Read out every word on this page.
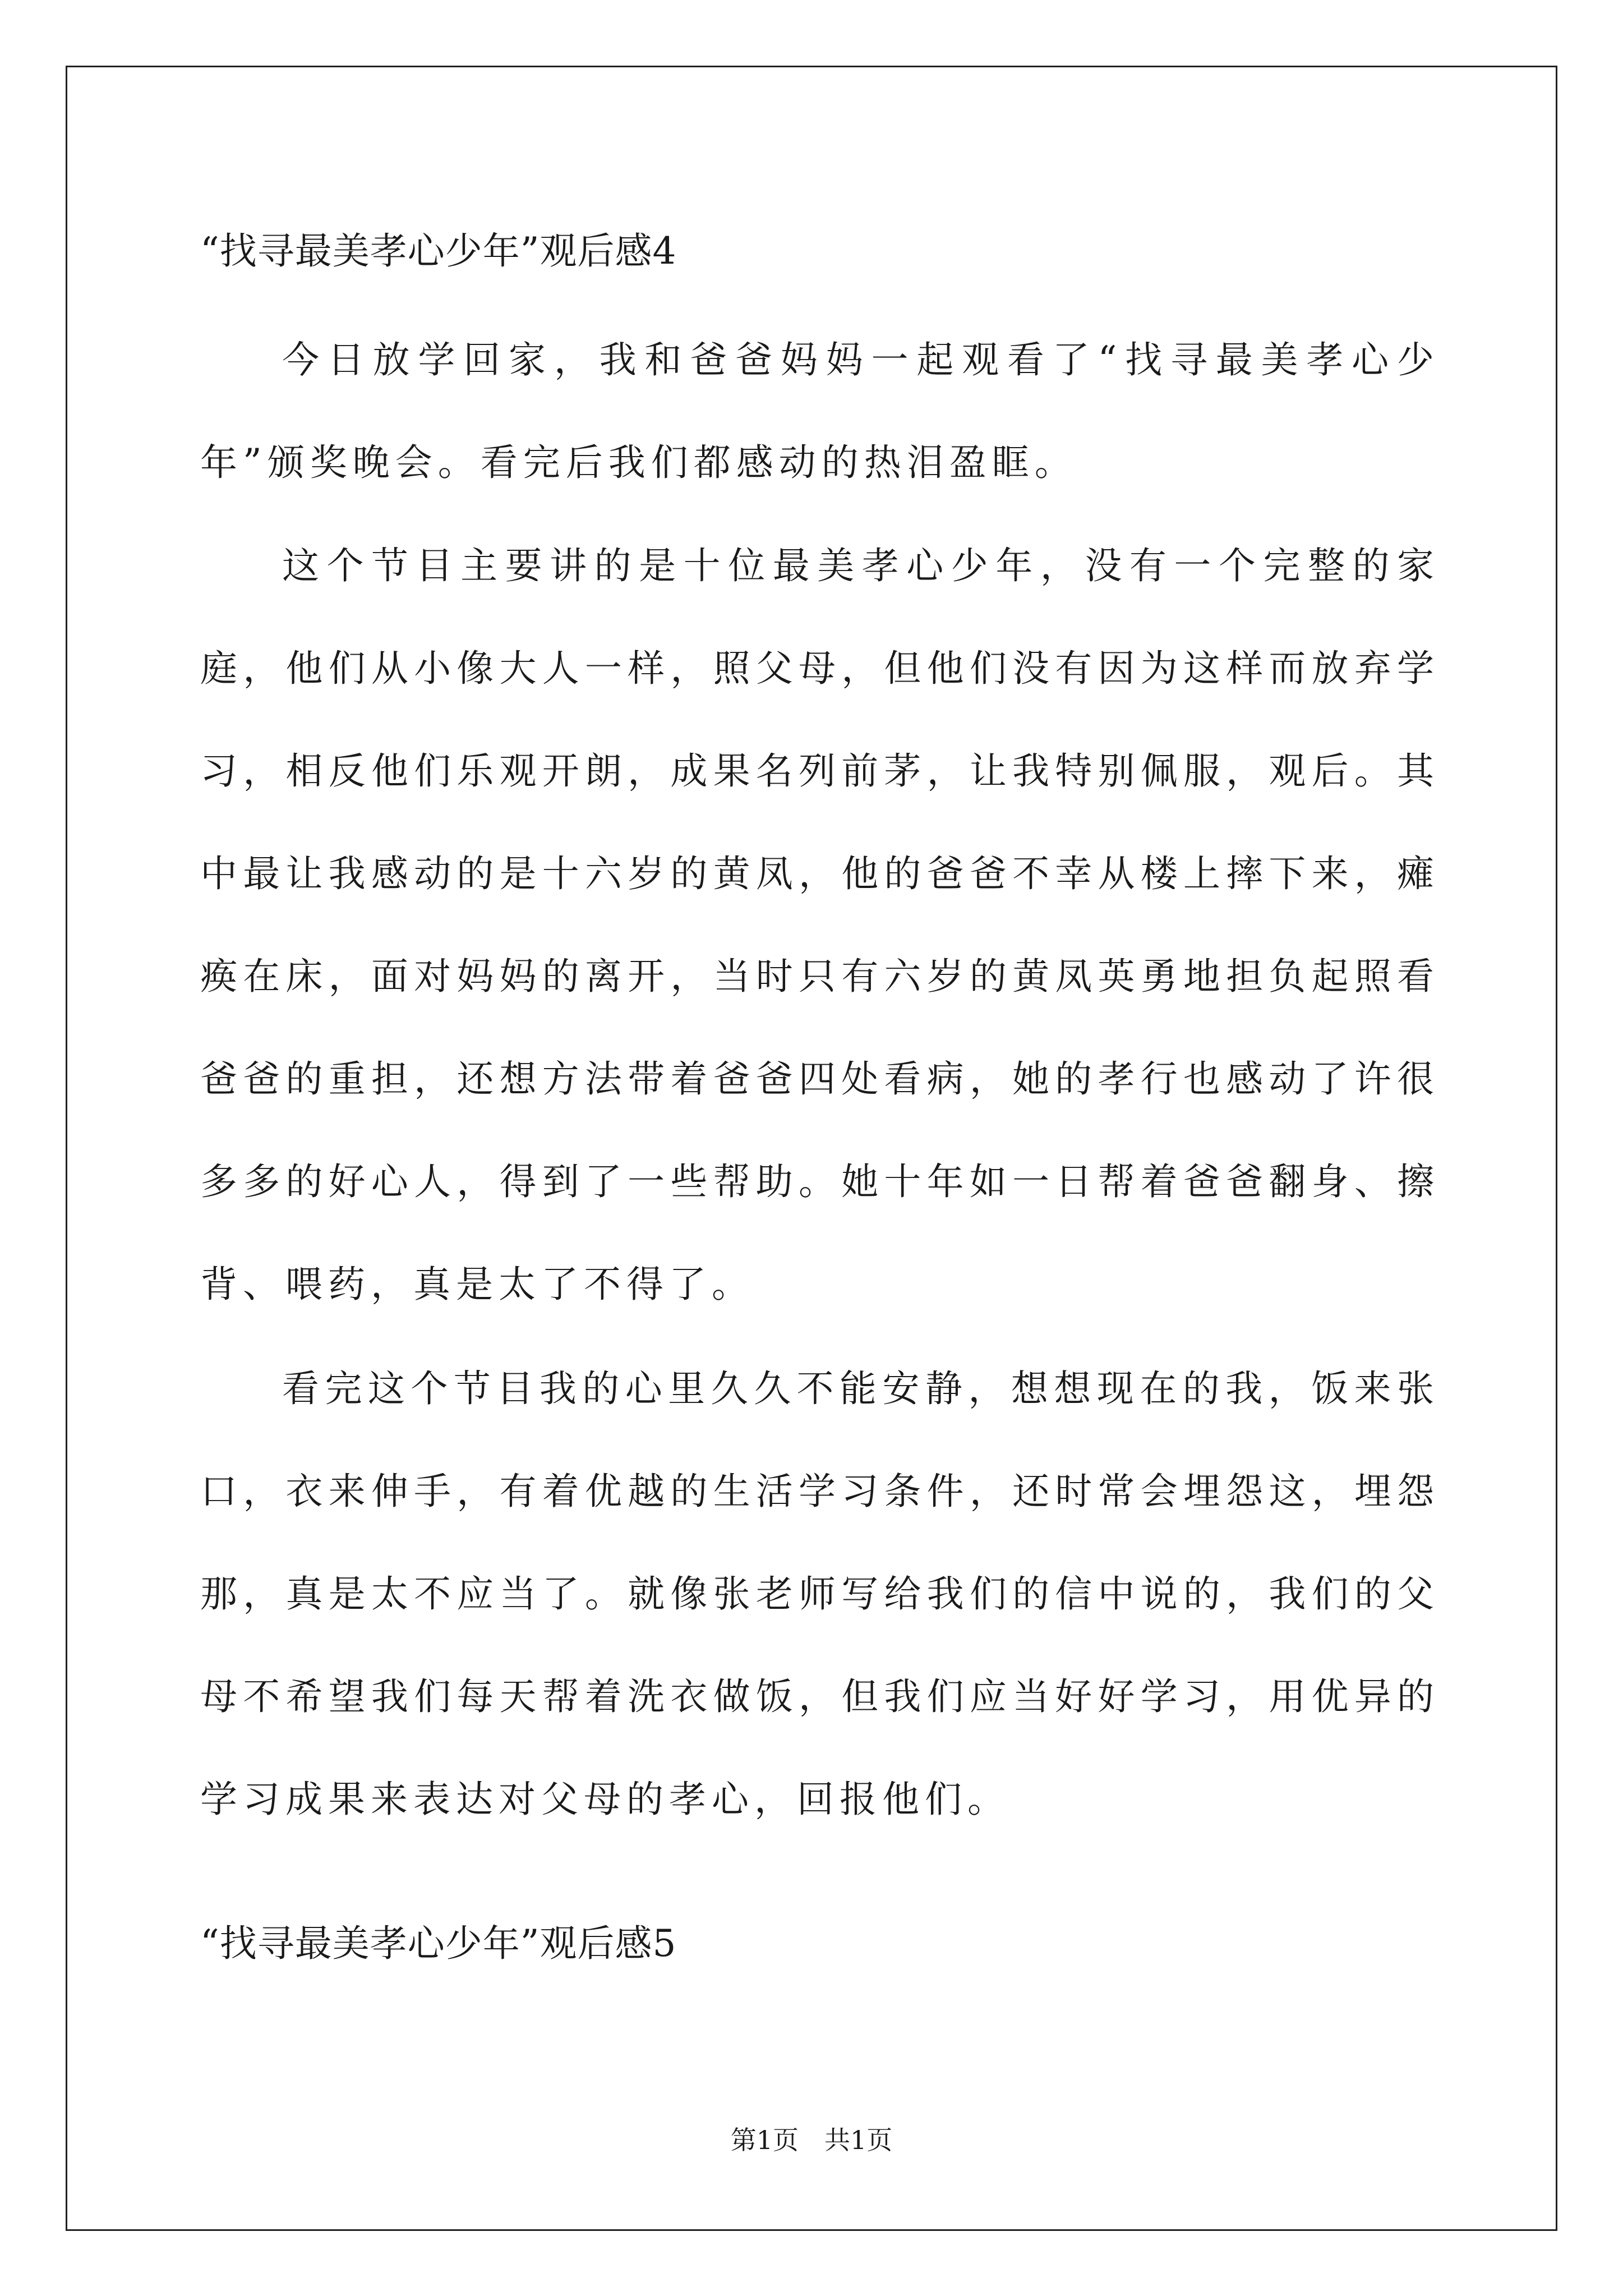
“找寻最美孝心少年”观后感4

今日放学回家，我和爸爸妈妈一起观看了“找寻最美孝心少年”颁奖晚会。看完后我们都感动的热泪盈眶。

这个节目主要讲的是十位最美孝心少年，没有一个完整的家庭，他们从小像大人一样，照父母，但他们没有因为这样而放弃学习，相反他们乐观开朗，成果名列前茅，让我特别佩服，观后。其中最让我感动的是十六岁的黄凤，他的爸爸不幸从楼上摔下来，瘫痪在床，面对妈妈的离开，当时只有六岁的黄凤英勇地担负起照看爸爸的重担，还想方法带着爸爸四处看病，她的孝行也感动了许很多多的好心人，得到了一些帮助。她十年如一日帮着爸爸翻身、擦背、喂药，真是太了不得了。

看完这个节目我的心里久久不能安静，想想现在的我，饭来张口，衣来伸手，有着优越的生活学习条件，还时常会埋怨这，埋怨那，真是太不应当了。就像张老师写给我们的信中说的，我们的父母不希望我们每天帮着洗衣做饭，但我们应当好好学习，用优异的学习成果来表达对父母的孝心，回报他们。

“找寻最美孝心少年”观后感5
第1页　共1页
